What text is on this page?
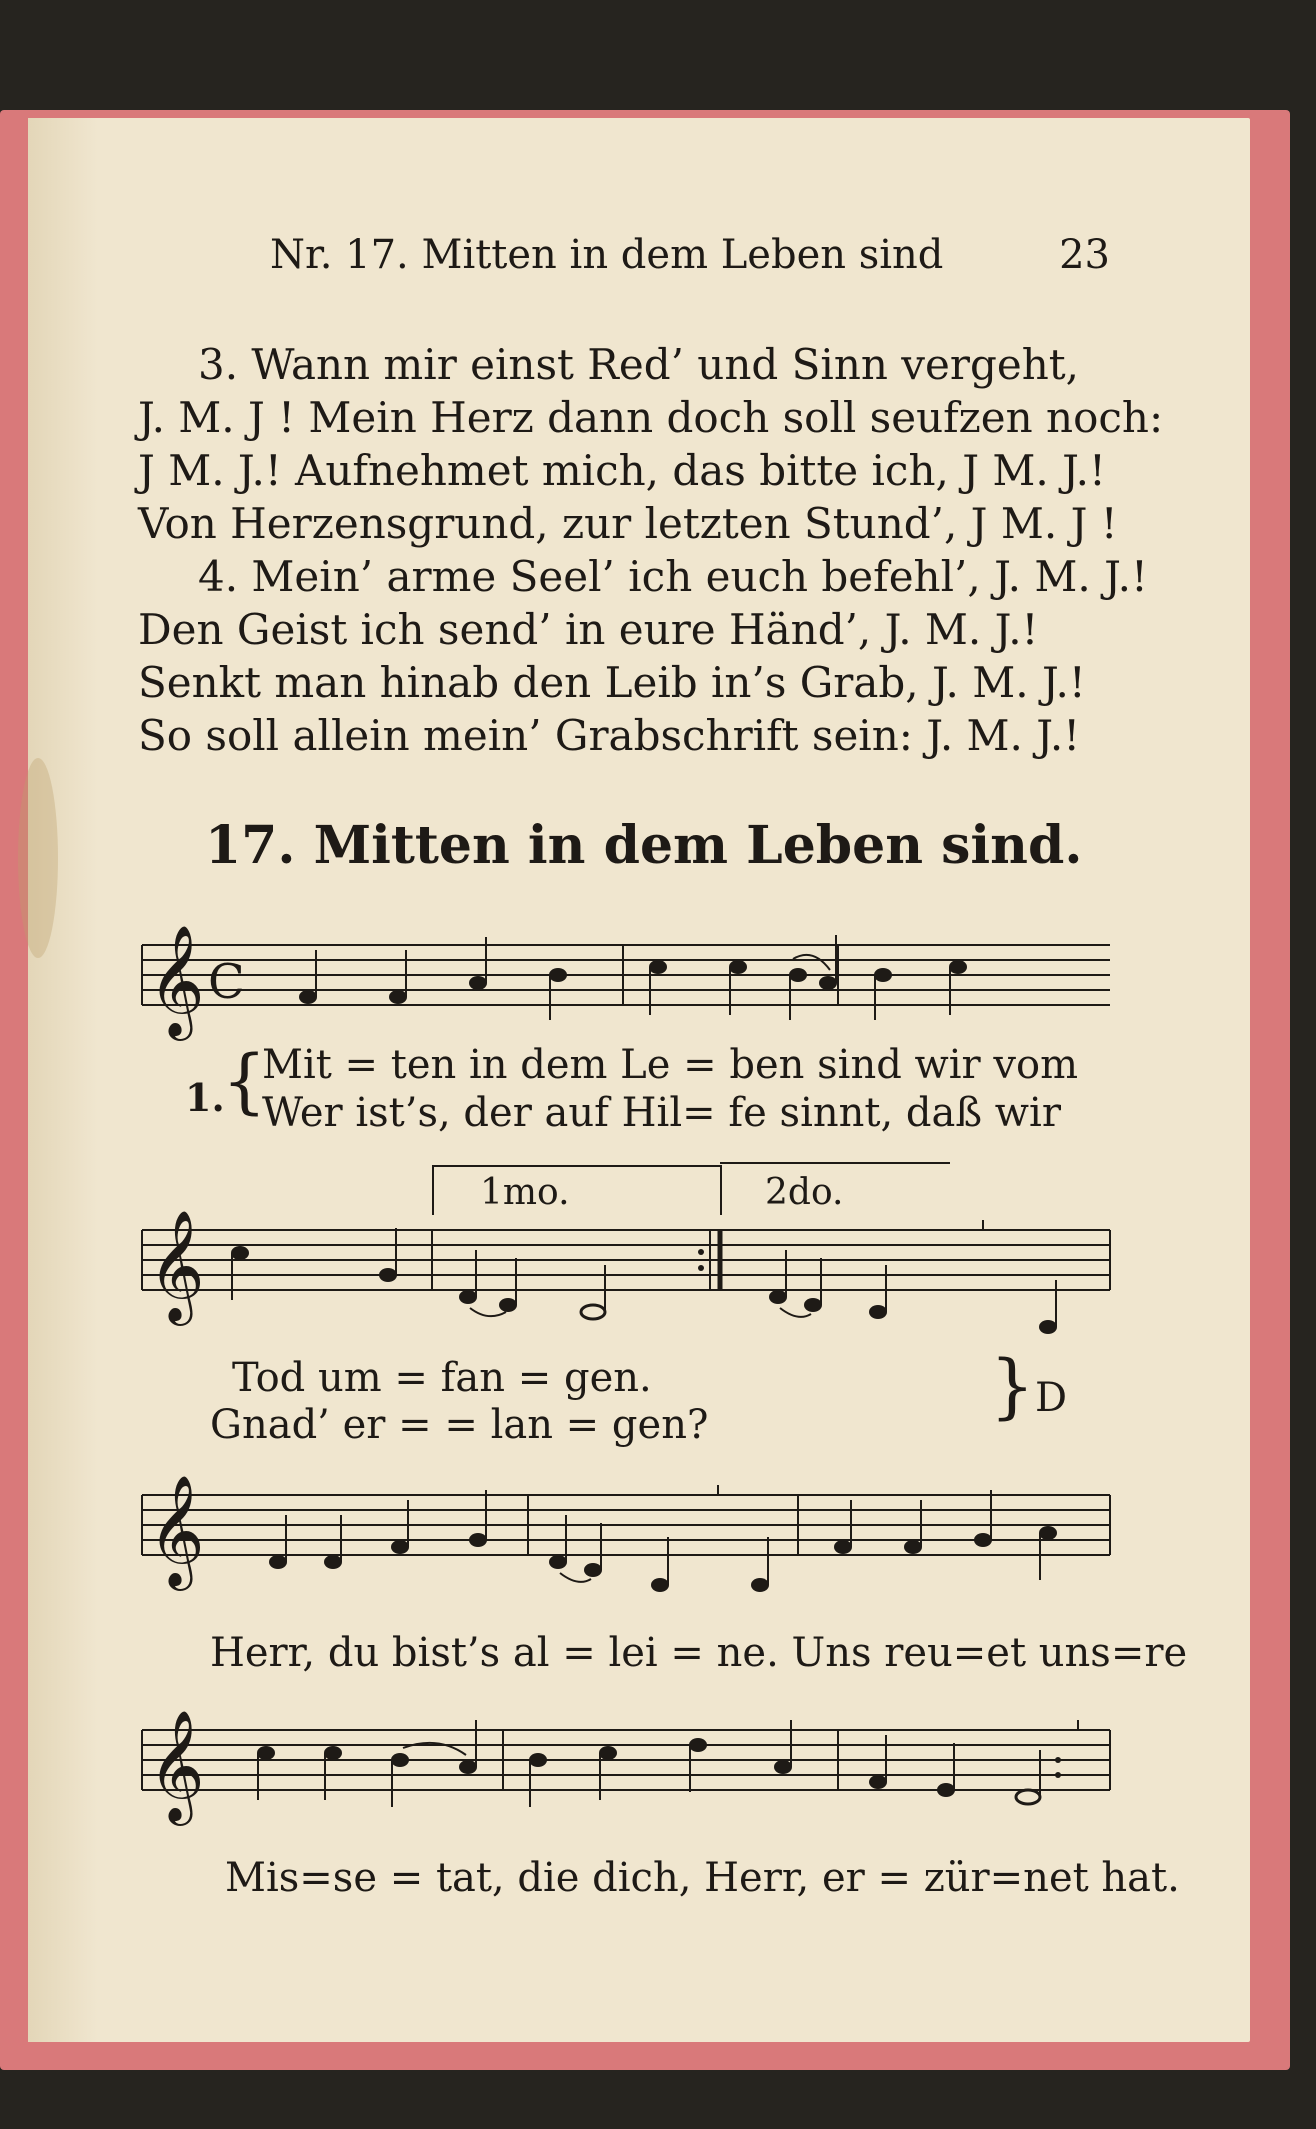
Nr. 17. Mitten in dem Leben sind	23
3. Wann mir einst Red’ und Sinn vergeht,
J. M. J ! Mein Herz dann doch soll seufzen noch:
J M. J.! Aufnehmet mich, das bitte ich, J M. J.!
Von Herzensgrund, zur letzten Stund’, J M. J !
4. Mein’ arme Seel’ ich euch befehl’, J. M. J.!
Den Geist ich send’ in eure Händ’, J. M. J.!
Senkt man hinab den Leib in’s Grab, J. M. J.!
So soll allein mein’ Grabschrift sein: J. M. J.!
17. Mitten in dem Leben sind.
𝄞 C
1.
{
Mit = ten in dem Le = ben sind wir vom
Wer ist’s, der auf Hil= fe sinnt, daß wir
1mo.	2do.
𝄞
Tod um = fan = gen.
Gnad’ er = = lan = gen?	} D
𝄞
Herr, du bist’s al = lei = ne. Uns reu=et uns=re
𝄞
Mis=se = tat, die dich, Herr, er = zür=net hat.
